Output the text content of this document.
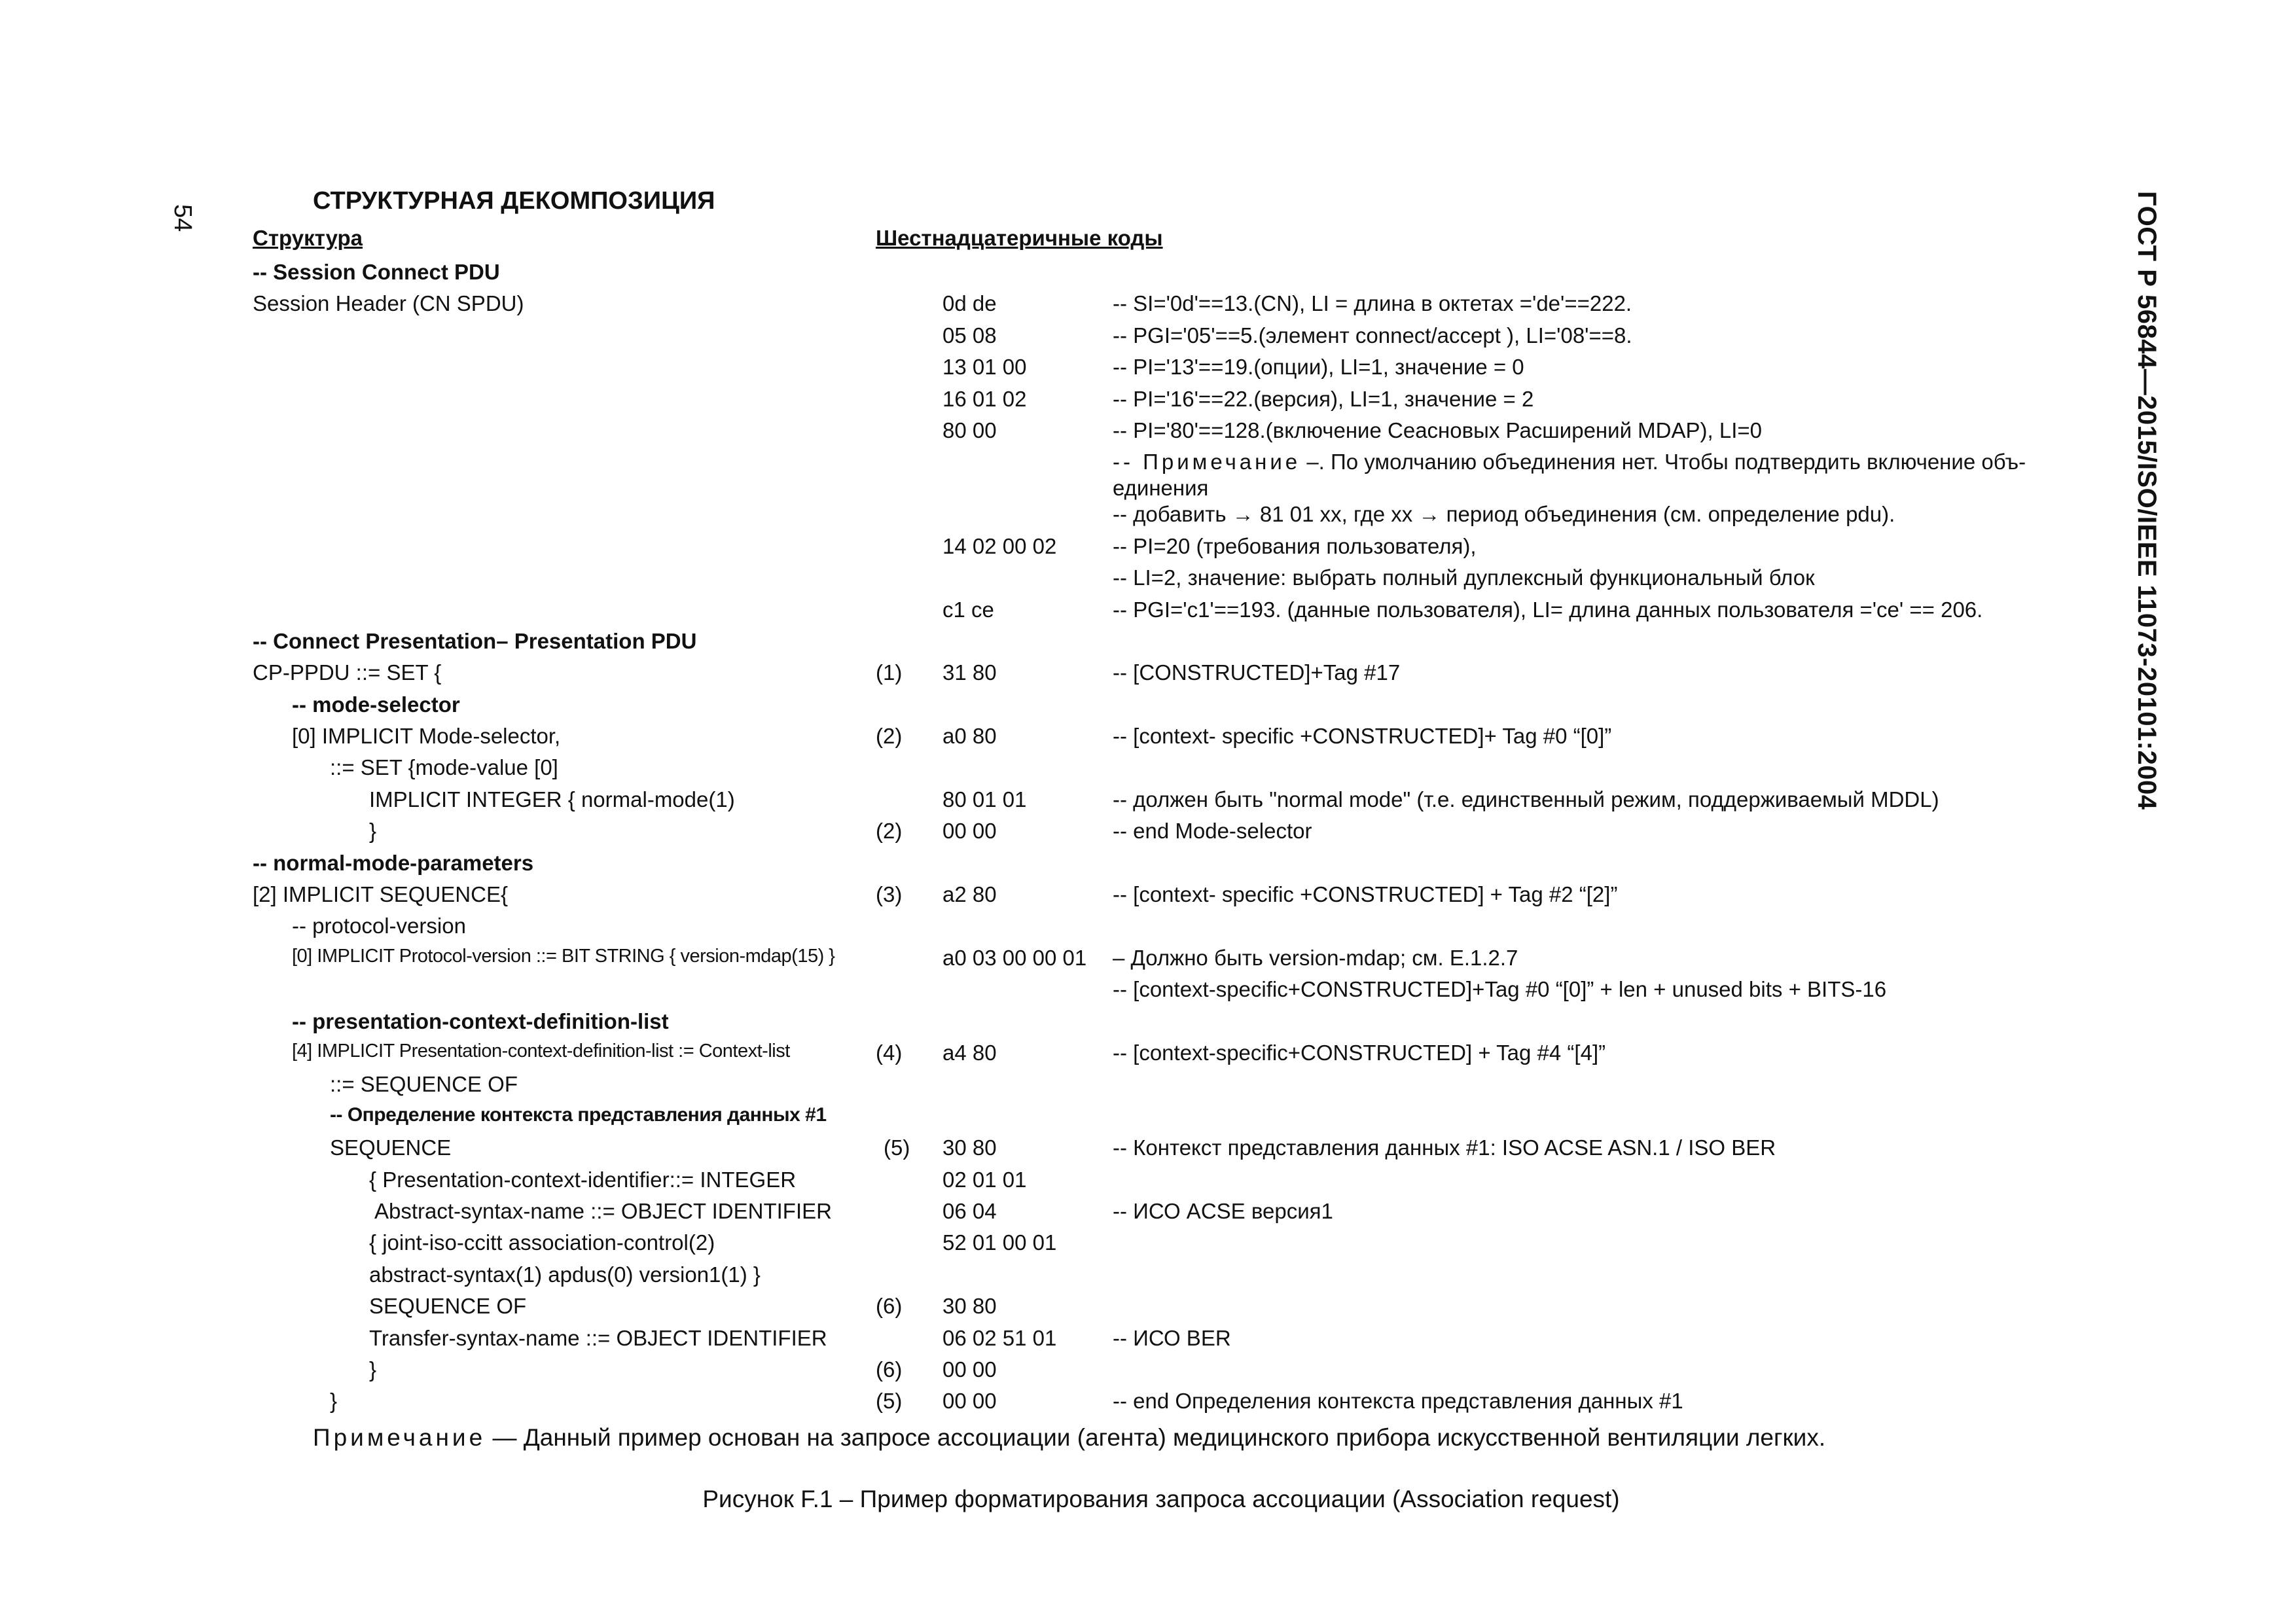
54	ГОСТ Р 56844—2015/ISO/IEEE 11073-20101:2004
СТРУКТУРНАЯ ДЕКОМПОЗИЦИЯ
Структура	Шестнадцатеричные коды
-- Session Connect PDU
Session Header (CN SPDU)	0d de	-- SI='0d'==13.(CN), LI = длина в октетах ='de'==222.
05 08	-- PGI='05'==5.(элемент connect/accept ), LI='08'==8.
13 01 00	-- PI='13'==19.(опции), LI=1, значение = 0
16 01 02	-- PI='16'==22.(версия), LI=1, значение = 2
80 00	-- PI='80'==128.(включение Сеасновых Расширений MDAP), LI=0
-- Примечание –. По умолчанию объединения нет. Чтобы подтвердить включение объ-
единения
-- добавить → 81 01 xx, где xx → период объединения (см. определение pdu).
14 02 00 02	-- PI=20 (требования пользователя),
-- LI=2, значение: выбрать полный дуплексный функциональный блок
c1 ce	-- PGI='c1'==193. (данные пользователя), LI= длина данных пользователя ='ce' == 206.
-- Connect Presentation– Presentation PDU
CP-PPDU ::= SET {	(1) 31 80	-- [CONSTRUCTED]+Tag #17
-- mode-selector
[0] IMPLICIT Mode-selector,	(2) a0 80	-- [context- specific +CONSTRUCTED]+ Tag #0 “[0]”
::= SET {mode-value [0]
IMPLICIT INTEGER { normal-mode(1)	80 01 01	-- должен быть "normal mode" (т.е. единственный режим, поддерживаемый MDDL)
}	(2) 00 00	-- end Mode-selector
-- normal-mode-parameters
[2] IMPLICIT SEQUENCE{	(3) a2 80	-- [context- specific +CONSTRUCTED] + Tag #2 “[2]”
-- protocol-version
[0] IMPLICIT Protocol-version ::= BIT STRING { version-mdap(15) }	a0 03 00 00 01 – Должно быть version-mdap; см. E.1.2.7
-- [context-specific+CONSTRUCTED]+Tag #0 “[0]” + len + unused bits + BITS-16
-- presentation-context-definition-list
[4] IMPLICIT Presentation-context-definition-list := Context-list	(4) a4 80	-- [context-specific+CONSTRUCTED] + Tag #4 “[4]”
::= SEQUENCE OF
-- Определение контекста представления данных #1
SEQUENCE	(5) 30 80	-- Контекст представления данных #1: ISO ACSE ASN.1 / ISO BER
{ Presentation-context-identifier::= INTEGER	02 01 01
Abstract-syntax-name ::= OBJECT IDENTIFIER	06 04	-- ИСО ACSE версия1
{ joint-iso-ccitt association-control(2)	52 01 00 01
abstract-syntax(1) apdus(0) version1(1) }
SEQUENCE OF	(6) 30 80
Transfer-syntax-name ::= OBJECT IDENTIFIER	06 02 51 01	-- ИСО BER
}	(6) 00 00
}	(5) 00 00	-- end Определения контекста представления данных #1
Примечание — Данный пример основан на запросе ассоциации (агента) медицинского прибора искусственной вентиляции легких.
Рисунок F.1 – Пример форматирования запроса ассоциации (Association request)
